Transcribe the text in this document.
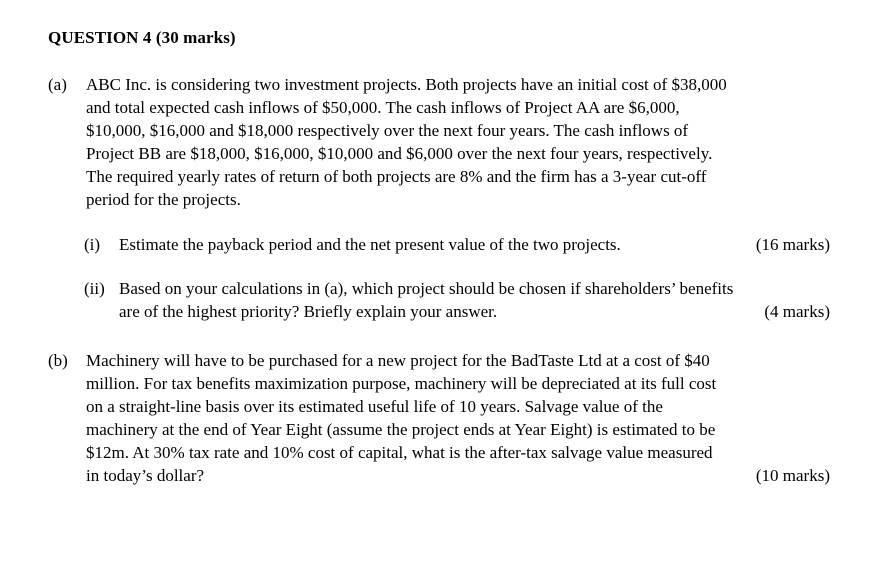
QUESTION 4 (30 marks)
(a) ABC Inc. is considering two investment projects. Both projects have an initial cost of $38,000
and total expected cash inflows of $50,000. The cash inflows of Project AA are $6,000,
$10,000, $16,000 and $18,000 respectively over the next four years. The cash inflows of
Project BB are $18,000, $16,000, $10,000 and $6,000 over the next four years, respectively.
The required yearly rates of return of both projects are 8% and the firm has a 3-year cut-off
period for the projects.
(i) Estimate the payback period and the net present value of the two projects.	(16 marks)
(ii) Based on your calculations in (a), which project should be chosen if shareholders’ benefits
are of the highest priority? Briefly explain your answer.	(4 marks)
(b) Machinery will have to be purchased for a new project for the BadTaste Ltd at a cost of $40
million. For tax benefits maximization purpose, machinery will be depreciated at its full cost
on a straight-line basis over its estimated useful life of 10 years. Salvage value of the
machinery at the end of Year Eight (assume the project ends at Year Eight) is estimated to be
$12m. At 30% tax rate and 10% cost of capital, what is the after-tax salvage value measured
in today’s dollar?	(10 marks)
